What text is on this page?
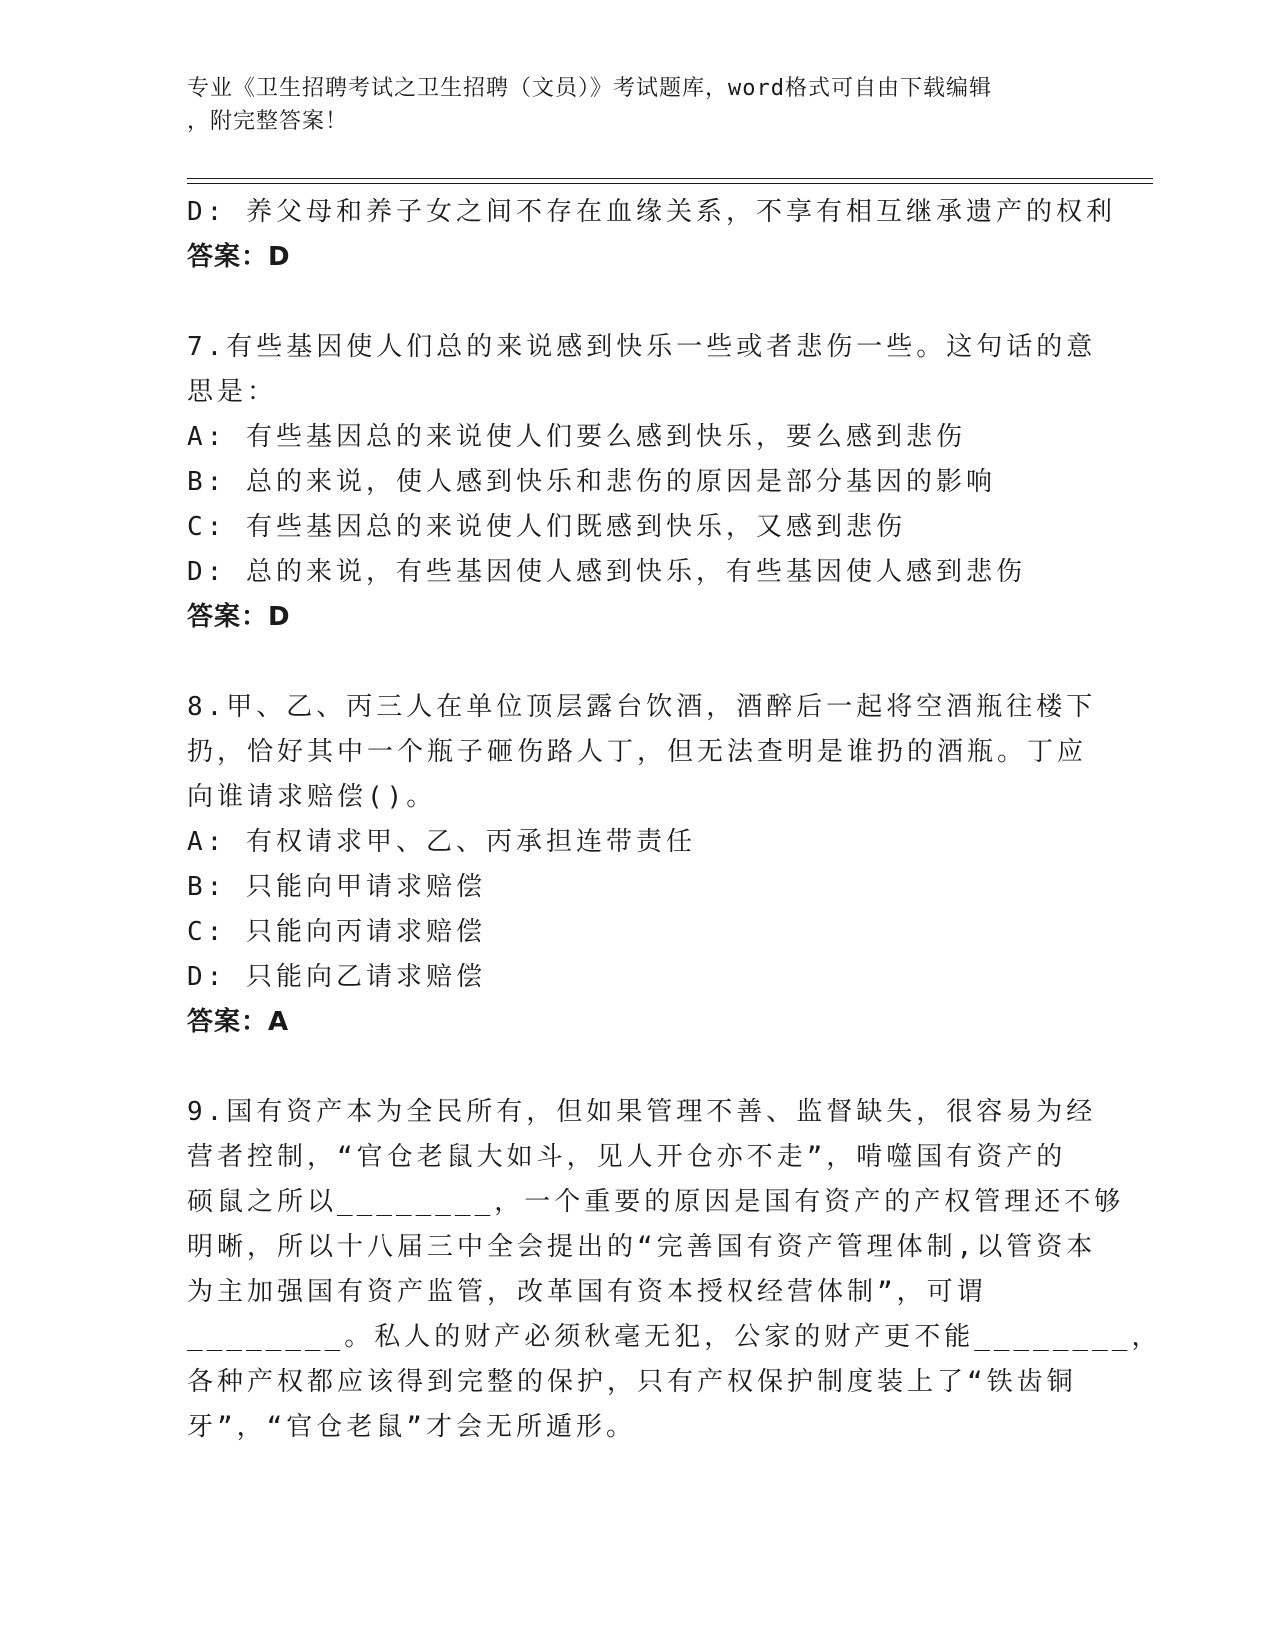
专业《卫生招聘考试之卫生招聘（文员）》考试题库，word格式可自由下载编辑
，附完整答案！
D: 养父母和养子女之间不存在血缘关系，不享有相互继承遗产的权利
答案：D
7.有些基因使人们总的来说感到快乐一些或者悲伤一些。这句话的意
思是：
A: 有些基因总的来说使人们要么感到快乐，要么感到悲伤
B: 总的来说，使人感到快乐和悲伤的原因是部分基因的影响
C: 有些基因总的来说使人们既感到快乐，又感到悲伤
D: 总的来说，有些基因使人感到快乐，有些基因使人感到悲伤
答案：D
8.甲、乙、丙三人在单位顶层露台饮酒，酒醉后一起将空酒瓶往楼下
扔，恰好其中一个瓶子砸伤路人丁，但无法查明是谁扔的酒瓶。丁应
向谁请求赔偿()。
A: 有权请求甲、乙、丙承担连带责任
B: 只能向甲请求赔偿
C: 只能向丙请求赔偿
D: 只能向乙请求赔偿
答案：A
9.国有资产本为全民所有，但如果管理不善、监督缺失，很容易为经
营者控制，“官仓老鼠大如斗，见人开仓亦不走”，啃噬国有资产的
硕鼠之所以________，一个重要的原因是国有资产的产权管理还不够
明晰，所以十八届三中全会提出的“完善国有资产管理体制,以管资本
为主加强国有资产监管，改革国有资本授权经营体制”，可谓
________。私人的财产必须秋毫无犯，公家的财产更不能________，
各种产权都应该得到完整的保护，只有产权保护制度装上了“铁齿铜
牙”，“官仓老鼠”才会无所遁形。
